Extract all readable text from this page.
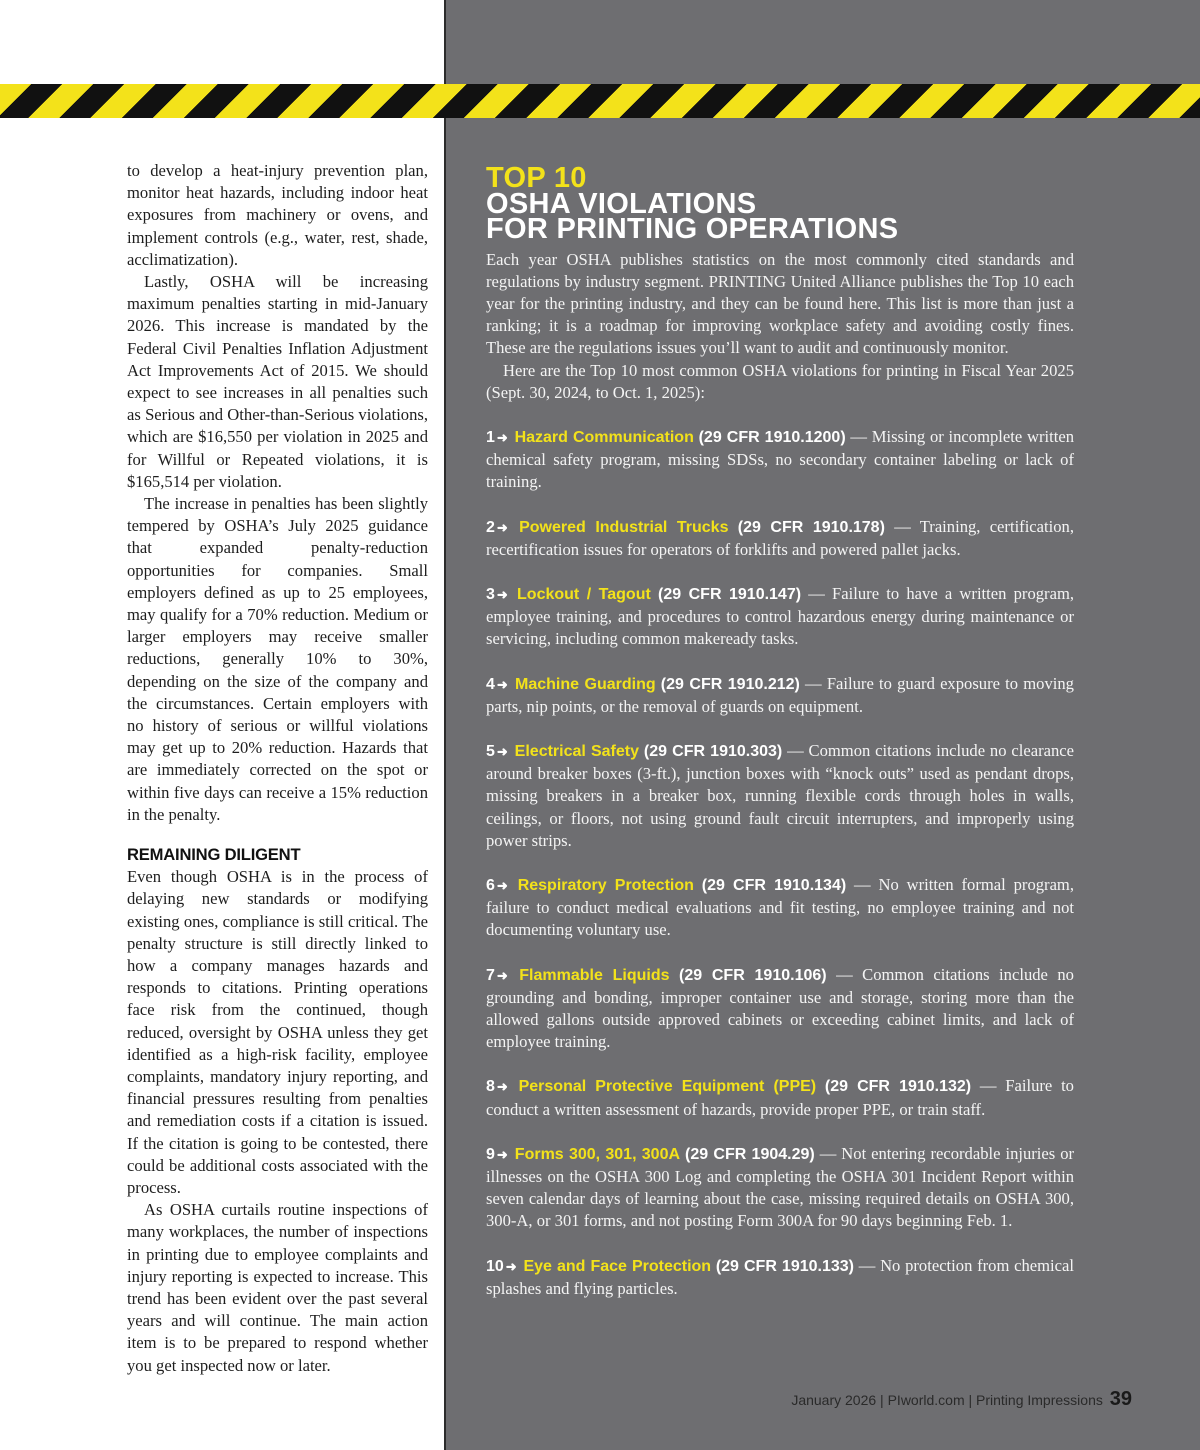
to develop a heat-injury prevention plan, monitor heat hazards, including indoor heat exposures from machinery or ovens, and implement controls (e.g., water, rest, shade, acclimatization).

Lastly, OSHA will be increasing maximum penalties starting in mid-January 2026. This increase is mandated by the Federal Civil Penalties Inflation Adjustment Act Improvements Act of 2015. We should expect to see increases in all penalties such as Serious and Other-than-Serious violations, which are $16,550 per violation in 2025 and for Willful or Repeated violations, it is $165,514 per violation.

The increase in penalties has been slightly tempered by OSHA’s July 2025 guidance that expanded penalty-reduction opportunities for companies. Small employers defined as up to 25 employees, may qualify for a 70% reduction. Medium or larger employers may receive smaller reductions, generally 10% to 30%, depending on the size of the company and the circumstances. Certain employers with no history of serious or willful violations may get up to 20% reduction. Hazards that are immediately corrected on the spot or within five days can receive a 15% reduction in the penalty.

REMAINING DILIGENT

Even though OSHA is in the process of delaying new standards or modifying existing ones, compliance is still critical. The penalty structure is still directly linked to how a company manages hazards and responds to citations. Printing operations face risk from the continued, though reduced, oversight by OSHA unless they get identified as a high-risk facility, employee complaints, mandatory injury reporting, and financial pressures resulting from penalties and remediation costs if a citation is issued. If the citation is going to be contested, there could be additional costs associated with the process.

As OSHA curtails routine inspections of many workplaces, the number of inspections in printing due to employee complaints and injury reporting is expected to increase. This trend has been evident over the past several years and will continue. The main action item is to be prepared to respond whether you get inspected now or later.

TOP 10
OSHA VIOLATIONS
FOR PRINTING OPERATIONS

Each year OSHA publishes statistics on the most commonly cited standards and regulations by industry segment. PRINTING United Alliance publishes the Top 10 each year for the printing industry, and they can be found here. This list is more than just a ranking; it is a roadmap for improving workplace safety and avoiding costly fines. These are the regulations issues you’ll want to audit and continuously monitor.

Here are the Top 10 most common OSHA violations for printing in Fiscal Year 2025 (Sept. 30, 2024, to Oct. 1, 2025):

1 ➜ Hazard Communication (29 CFR 1910.1200) — Missing or incomplete written chemical safety program, missing SDSs, no secondary container labeling or lack of training.

2 ➜ Powered Industrial Trucks (29 CFR 1910.178) — Training, certification, recertification issues for operators of forklifts and powered pallet jacks.

3 ➜ Lockout / Tagout (29 CFR 1910.147) — Failure to have a written program, employee training, and procedures to control hazardous energy during maintenance or servicing, including common makeready tasks.

4 ➜ Machine Guarding (29 CFR 1910.212) — Failure to guard exposure to moving parts, nip points, or the removal of guards on equipment.

5 ➜ Electrical Safety (29 CFR 1910.303) — Common citations include no clearance around breaker boxes (3-ft.), junction boxes with “knock outs” used as pendant drops, missing breakers in a breaker box, running flexible cords through holes in walls, ceilings, or floors, not using ground fault circuit interrupters, and improperly using power strips.

6 ➜ Respiratory Protection (29 CFR 1910.134) — No written formal program, failure to conduct medical evaluations and fit testing, no employee training and not documenting voluntary use.

7 ➜ Flammable Liquids (29 CFR 1910.106) — Common citations include no grounding and bonding, improper container use and storage, storing more than the allowed gallons outside approved cabinets or exceeding cabinet limits, and lack of employee training.

8 ➜ Personal Protective Equipment (PPE) (29 CFR 1910.132) — Failure to conduct a written assessment of hazards, provide proper PPE, or train staff.

9 ➜ Forms 300, 301, 300A (29 CFR 1904.29) — Not entering recordable injuries or illnesses on the OSHA 300 Log and completing the OSHA 301 Incident Report within seven calendar days of learning about the case, missing required details on OSHA 300, 300-A, or 301 forms, and not posting Form 300A for 90 days beginning Feb. 1.

10 ➜ Eye and Face Protection (29 CFR 1910.133) — No protection from chemical splashes and flying particles.

January 2026 | PIworld.com | Printing Impressions 39
